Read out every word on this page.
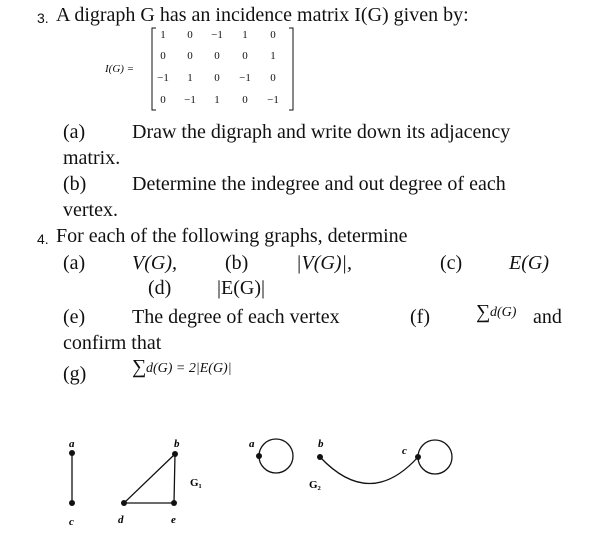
3. A digraph G has an incidence matrix I(G) given by:
I(G) =
1	0	−1	1	0
0	0	0	0	1
−1	1	0	−1	0
0	−1	1	0	−1
(a) Draw the digraph and write down its adjacency
matrix.
(b) Determine the indegree and out degree of each
vertex.
4. For each of the following graphs, determine
(a) V(G), (b) |V(G)|,	(c) E(G)
(d) |E(G)|
(e) The degree of each vertex	(f) ∑ d(G) and
confirm that
(g) ∑ d(G) = 2|E(G)|
a
c	d	e
b
G₁
a	b
c
G₂
